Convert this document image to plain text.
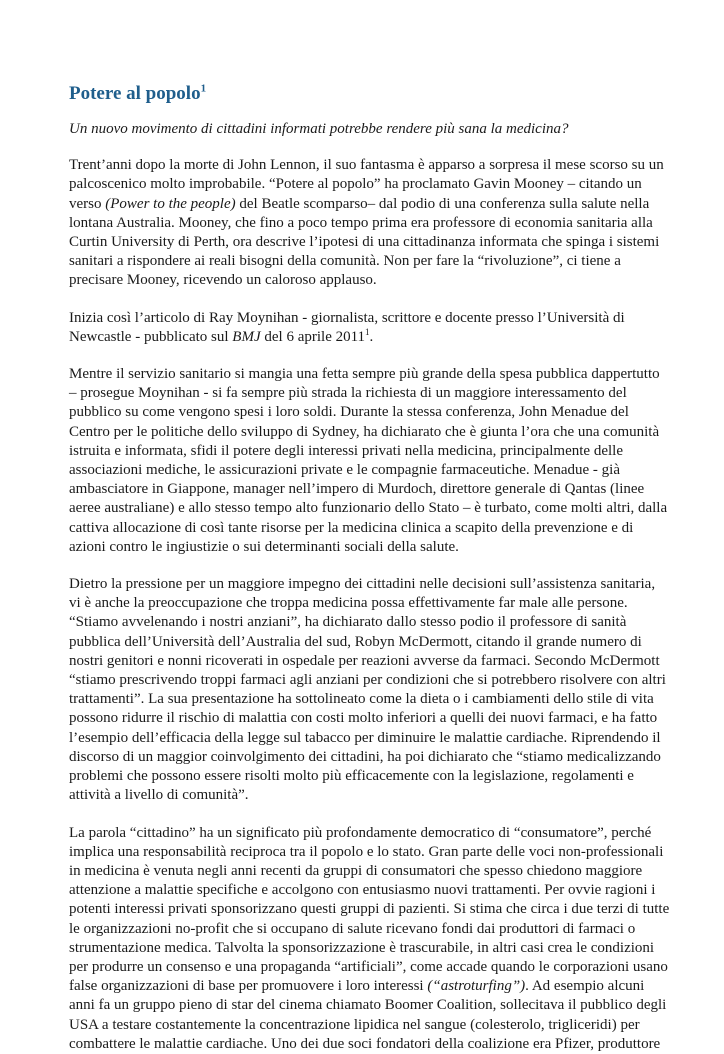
Potere al popolo$^1$

Un nuovo movimento di cittadini informati potrebbe rendere più sana la medicina?

Trent’anni dopo la morte di John Lennon, il suo fantasma è apparso a sorpresa il mese scorso su un palcoscenico molto improbabile. “Potere al popolo” ha proclamato Gavin Mooney – citando un verso (Power to the people) del Beatle scomparso– dal podio di una conferenza sulla salute nella lontana Australia. Mooney, che fino a poco tempo prima era professore di economia sanitaria alla Curtin University di Perth, ora descrive l’ipotesi di una cittadinanza informata che spinga i sistemi sanitari a rispondere ai reali bisogni della comunità. Non per fare la “rivoluzione”, ci tiene a precisare Mooney, ricevendo un caloroso applauso.

Inizia così l’articolo di Ray Moynihan - giornalista, scrittore e docente presso l’Università di Newcastle - pubblicato sul BMJ del 6 aprile 2011$^1$.

Mentre il servizio sanitario si mangia una fetta sempre più grande della spesa pubblica dappertutto – prosegue Moynihan - si fa sempre più strada la richiesta di un maggiore interessamento del pubblico su come vengono spesi i loro soldi. Durante la stessa conferenza, John Menadue del Centro per le politiche dello sviluppo di Sydney, ha dichiarato che è giunta l’ora che una comunità istruita e informata, sfidi il potere degli interessi privati nella medicina, principalmente delle associazioni mediche, le assicurazioni private e le compagnie farmaceutiche. Menadue - già ambasciatore in Giappone, manager nell’impero di Murdoch, direttore generale di Qantas (linee aeree australiane) e allo stesso tempo alto funzionario dello Stato – è turbato, come molti altri, dalla cattiva allocazione di così tante risorse per la medicina clinica a scapito della prevenzione e di azioni contro le ingiustizie o sui determinanti sociali della salute.

Dietro la pressione per un maggiore impegno dei cittadini nelle decisioni sull’assistenza sanitaria, vi è anche la preoccupazione che troppa medicina possa effettivamente far male alle persone. “Stiamo avvelenando i nostri anziani”, ha dichiarato dallo stesso podio il professore di sanità pubblica dell’Università dell’Australia del sud, Robyn McDermott, citando il grande numero di nostri genitori e nonni ricoverati in ospedale per reazioni avverse da farmaci. Secondo McDermott “stiamo prescrivendo troppi farmaci agli anziani per condizioni che si potrebbero risolvere con altri trattamenti”. La sua presentazione ha sottolineato come la dieta o i cambiamenti dello stile di vita possono ridurre il rischio di malattia con costi molto inferiori a quelli dei nuovi farmaci, e ha fatto l’esempio dell’efficacia della legge sul tabacco per diminuire le malattie cardiache. Riprendendo il discorso di un maggior coinvolgimento dei cittadini, ha poi dichiarato che “stiamo medicalizzando problemi che possono essere risolti molto più efficacemente con la legislazione, regolamenti e attività a livello di comunità”.

La parola “cittadino” ha un significato più profondamente democratico di “consumatore”, perché implica una responsabilità reciproca tra il popolo e lo stato. Gran parte delle voci non-professionali in medicina è venuta negli anni recenti da gruppi di consumatori che spesso chiedono maggiore attenzione a malattie specifiche e accolgono con entusiasmo nuovi trattamenti. Per ovvie ragioni i potenti interessi privati sponsorizzano questi gruppi di pazienti. Si stima che circa i due terzi di tutte le organizzazioni no-profit che si occupano di salute ricevano fondi dai produttori di farmaci o strumentazione medica. Talvolta la sponsorizzazione è trascurabile, in altri casi crea le condizioni per produrre un consenso e una propaganda “artificiali”, come accade quando le corporazioni usano false organizzazioni di base per promuovere i loro interessi (“astroturfing”). Ad esempio alcuni anni fa un gruppo pieno di star del cinema chiamato Boomer Coalition, sollecitava il pubblico degli USA a testare costantemente la concentrazione lipidica nel sangue (colesterolo, trigliceridi) per combattere le malattie cardiache. Uno dei due soci fondatori della coalizione era Pfizer, produttore
